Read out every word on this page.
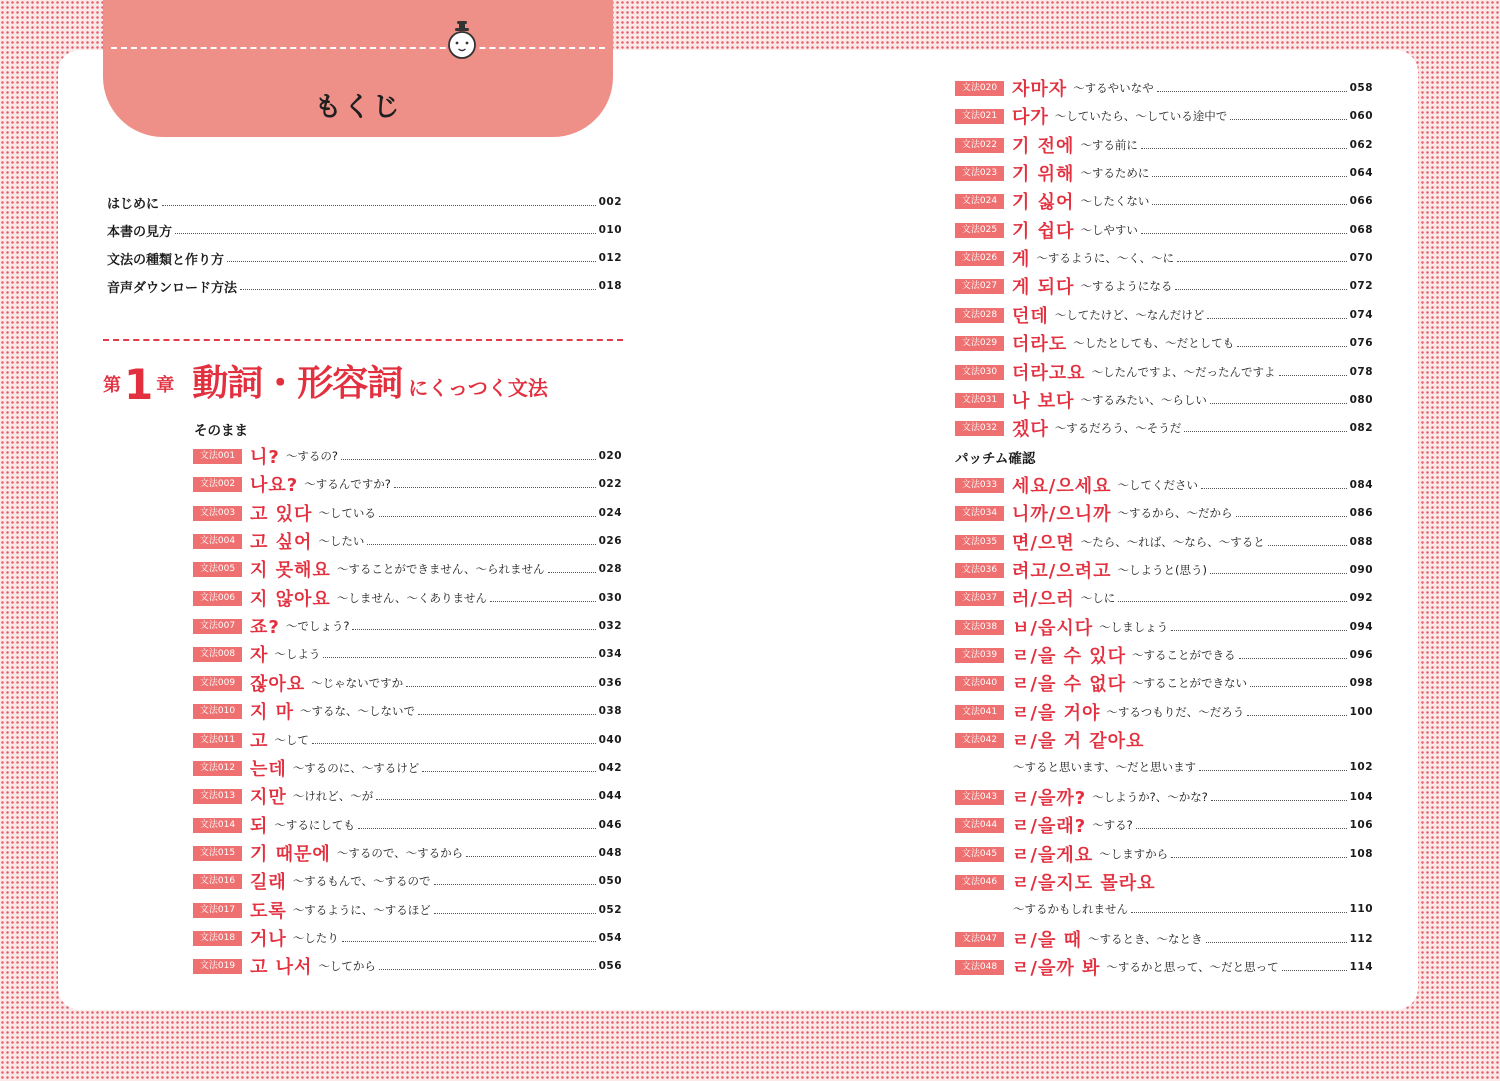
もくじ
はじめに	002
本書の見方	010
文法の種類と作り方	012
音声ダウンロード方法	018
第 1 章 動詞・形容詞 にくっつく文法
そのまま
パッチム確認
文法001 니? ～するの?	020
文法002 나요? ～するんですか?	022
文法003 고 있다 ～している	024
文法004 고 싶어 ～したい	026
文法005 지 못해요 ～することができません、～られません	028
文法006 지 않아요 ～しません、～くありません	030
文法007 죠? ～でしょう?	032
文法008 자 ～しよう	034
文法009 잖아요 ～じゃないですか	036
文法010 지 마 ～するな、～しないで	038
文法011 고 ～して	040
文法012 는데 ～するのに、～するけど	042
文法013 지만 ～けれど、～が	044
文法014 되 ～するにしても	046
文法015 기 때문에 ～するので、～するから	048
文法016 길래 ～するもんで、～するので	050
文法017 도록 ～するように、～するほど	052
文法018 거나 ～したり	054
文法019 고 나서 ～してから	056
文法020 자마자 ～するやいなや	058
文法021 다가 ～していたら、～している途中で	060
文法022 기 전에 ～する前に	062
文法023 기 위해 ～するために	064
文法024 기 싫어 ～したくない	066
文法025 기 쉽다 ～しやすい	068
文法026 게 ～するように、～く、～に	070
文法027 게 되다 ～するようになる	072
文法028 던데 ～してたけど、～なんだけど	074
文法029 더라도 ～したとしても、～だとしても	076
文法030 더라고요 ～したんですよ、～だったんですよ	078
文法031 나 보다 ～するみたい、～らしい	080
文法032 겠다 ～するだろう、～そうだ	082
文法033 세요/으세요 ～してください	084
文法034 니까/으니까 ～するから、～だから	086
文法035 면/으면 ～たら、～れば、～なら、～すると	088
文法036 려고/으려고 ～しようと(思う)	090
文法037 러/으러 ～しに	092
文法038 ㅂ/읍시다 ～しましょう	094
文法039 ㄹ/을 수 있다 ～することができる	096
文法040 ㄹ/을 수 없다 ～することができない	098
文法041 ㄹ/을 거야 ～するつもりだ、～だろう	100
文法042 ㄹ/을 거 같아요
～すると思います、～だと思います	102
文法043 ㄹ/을까? ～しようか?、～かな?	104
文法044 ㄹ/을래? ～する?	106
文法045 ㄹ/을게요 ～しますから	108
文法046 ㄹ/을지도 몰라요
～するかもしれません	110
文法047 ㄹ/을 때 ～するとき、～なとき	112
文法048 ㄹ/을까 봐 ～するかと思って、～だと思って	114
